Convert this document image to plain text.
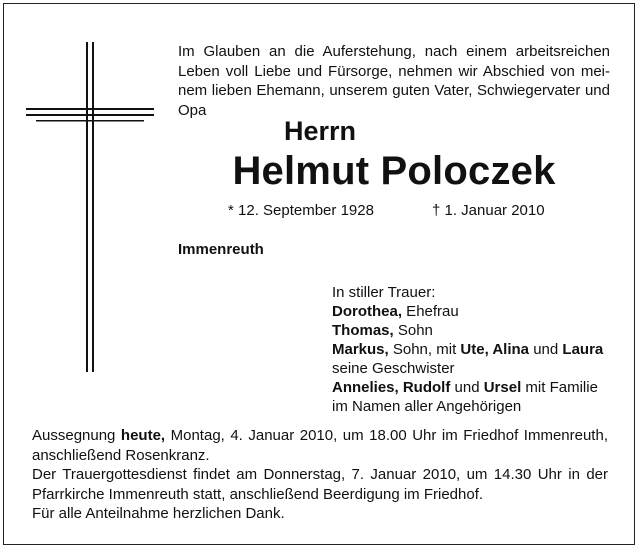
Im Glauben an die Auferstehung, nach einem arbeitsreichen
Leben voll Liebe und Fürsorge, nehmen wir Abschied von mei-
nem lieben Ehemann, unserem guten Vater, Schwiegervater und
Opa
Herrn
Helmut Poloczek
* 12. September 1928	† 1. Januar 2010
Immenreuth
In stiller Trauer:
Dorothea, Ehefrau
Thomas, Sohn
Markus, Sohn, mit Ute, Alina und Laura
seine Geschwister
Annelies, Rudolf und Ursel mit Familie
im Namen aller Angehörigen
Aussegnung heute, Montag, 4. Januar 2010, um 18.00 Uhr im Friedhof Immenreuth,
anschließend Rosenkranz.
Der Trauergottesdienst findet am Donnerstag, 7. Januar 2010, um 14.30 Uhr in der
Pfarrkirche Immenreuth statt, anschließend Beerdigung im Friedhof.
Für alle Anteilnahme herzlichen Dank.
